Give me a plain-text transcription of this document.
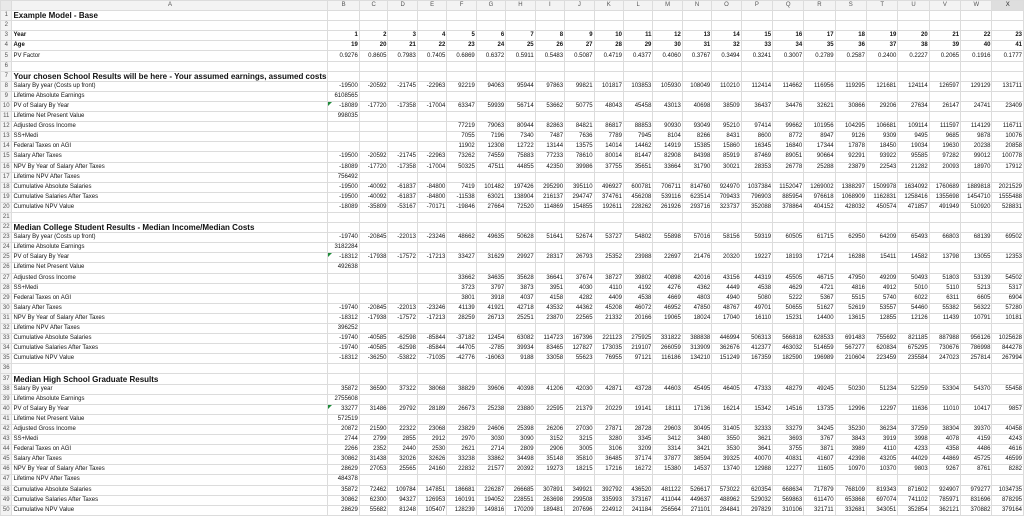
	A	B	C	D	E	F	G	H	I	J	K	L	M	N	O	P	Q	R	S	T	U	V	W	X
1	Example Model - Base																							
2																								
3	Year	1	2	3	4	5	6	7	8	9	10	11	12	13	14	15	16	17	18	19	20	21	22	23
4	Age	19	20	21	22	23	24	25	26	27	28	29	30	31	32	33	34	35	36	37	38	39	40	41
5	PV Factor	0.9276	0.8605	0.7983	0.7405	0.6869	0.6372	0.5911	0.5483	0.5087	0.4719	0.4377	0.4060	0.3767	0.3494	0.3241	0.3007	0.2789	0.2587	0.2400	0.2227	0.2065	0.1916	0.1777
6																								
7	Your chosen School Results will be here - Your assumed earnings, assumed costs																							
8	Salary By year (Costs up front)	-19500	-20592	-21745	-22963	92219	94063	95944	97863	99821	101817	103853	105930	108049	110210	112414	114662	116956	119295	121681	124114	126597	129129	131711
9	Lifetime Absolute Earnings	6108565																						
10	PV of Salary By Year	-18089	-17720	-17358	-17004	63347	59939	56714	53662	50775	48043	45458	43013	40698	38509	36437	34476	32621	30866	29206	27634	26147	24741	23409
11	Lifetime Net Present Value	998035																						
12	Adjusted Gross Income					77219	79063	80944	82863	84821	86817	88853	90930	93049	95210	97414	99662	101956	104295	106681	109114	111597	114129	116711
13	SS+Medi					7055	7196	7340	7487	7636	7789	7945	8104	8266	8431	8600	8772	8947	9126	9309	9495	9685	9878	10076
14	Federal Taxes on AGI					11902	12308	12722	13144	13575	14014	14462	14919	15385	15860	16345	16840	17344	17878	18450	19034	19630	20238	20858
15	Salary After Taxes	-19500	-20592	-21745	-22963	73262	74559	75883	77233	78610	80014	81447	82908	84398	85919	87469	89051	90664	92291	93922	95585	97282	99012	100778
16	NPV By Year of Salary After Taxes	-18089	-17720	-17358	-17004	50325	47511	44855	42350	39986	37755	35651	33664	31790	30021	28353	26778	25288	23879	22543	21282	20093	18970	17912
17	Lifetime NPV After Taxes	756492																						
18	Cumulative Absolute Salaries	-19500	-40092	-61837	-84800	7419	101482	197426	295290	395110	496927	600781	706711	814760	924970	1037384	1152047	1269002	1388297	1509978	1634092	1760689	1889818	2021529
19	Cumulative Salaries After Taxes	-19500	-40092	-61837	-84800	-11538	63021	138904	216137	294747	374761	456208	539116	623514	709433	796903	885954	976618	1068909	1162831	1258416	1355698	1454710	1555488
20	Cumulative NPV Value	-18089	-35809	-53167	-70171	-19846	27664	72520	114869	154855	192611	228262	261926	293716	323737	352088	378864	404152	428032	450574	471857	491949	510920	528831
21																								
22	Median College Student Results - Median Income/Median Costs																							
23	Salary By year (Costs up front)	-19740	-20845	-22013	-23246	48662	49635	50628	51641	52674	53727	54802	55898	57016	58156	59319	60505	61715	62950	64209	65493	66803	68139	69502
24	Lifetime Absolute Earnings	3182284																						
25	PV of Salary By Year	-18312	-17938	-17572	-17213	33427	31629	29927	28317	26793	25352	23988	22697	21476	20320	19227	18193	17214	16288	15411	14582	13798	13055	12353
26	Lifetime Net Present Value	492638																						
27	Adjusted Gross Income					33662	34635	35628	36641	37674	38727	39802	40898	42016	43156	44319	45505	46715	47950	49209	50493	51803	53139	54502
28	SS+Medi					3723	3797	3873	3951	4030	4110	4192	4276	4362	4449	4538	4629	4721	4816	4912	5010	5110	5213	5317
29	Federal Taxes on AGI					3801	3918	4037	4158	4282	4409	4538	4669	4803	4940	5080	5222	5367	5515	5740	6022	6311	6605	6904
30	Salary After Taxes	-19740	-20845	-22013	-23246	41139	41921	42718	43532	44362	45208	46072	46952	47850	48767	49701	50655	51627	52619	53557	54460	55382	56322	57280
31	NPV By Year of Salary After Taxes	-18312	-17938	-17572	-17213	28259	26713	25251	23870	22565	21332	20166	19065	18024	17040	16110	15231	14400	13615	12855	12126	11439	10791	10181
32	Lifetime NPV After Taxes	396252																						
33	Cumulative Absolute Salaries	-19740	-40585	-62598	-85844	-37182	12454	63082	114723	167396	221123	275925	331822	388838	446994	506313	566818	628533	691483	755692	821185	887988	956126	1025628
34	Cumulative Salaries After Taxes	-19740	-40585	-62598	-85844	-44705	-2785	39934	83465	127827	173035	219107	266059	313909	362676	412377	463032	514659	567277	620834	675295	730676	786998	844278
35	Cumulative NPV Value	-18312	-36250	-53822	-71035	-42776	-16063	9188	33058	55623	76955	97121	116186	134210	151249	167359	182590	196989	210604	223459	235584	247023	257814	267994
36																								
37	Median High School Graduate Results																							
38	Salary By year	35872	36590	37322	38068	38829	39606	40398	41206	42030	42871	43728	44603	45495	46405	47333	48279	49245	50230	51234	52259	53304	54370	55458
39	Lifetime Absolute Earnings	2755608																						
40	PV of Salary By Year	33277	31486	29792	28189	26673	25238	23880	22595	21379	20229	19141	18111	17136	16214	15342	14516	13735	12996	12297	11636	11010	10417	9857
41	Lifetime Net Present Value	572519																						
42	Adjusted Gross Income	20872	21590	22322	23068	23829	24606	25398	26206	27030	27871	28728	29603	30495	31405	32333	33279	34245	35230	36234	37259	38304	39370	40458
43	SS+Medi	2744	2799	2855	2912	2970	3030	3090	3152	3215	3280	3345	3412	3480	3550	3621	3693	3767	3843	3919	3998	4078	4159	4243
44	Federal Taxes on AGI	2266	2352	2440	2530	2621	2714	2809	2906	3005	3106	3209	3314	3421	3530	3641	3755	3871	3989	4110	4233	4358	4486	4616
45	Salary After Taxes	30862	31438	32026	32626	33238	33862	34498	35148	35810	36485	37174	37877	38594	39325	40070	40831	41607	42398	43205	44029	44869	45725	46599
46	NPV By Year of Salary After Taxes	28629	27053	25565	24160	22832	21577	20392	19273	18215	17216	16272	15380	14537	13740	12988	12277	11605	10970	10370	9803	9267	8761	8282
47	Lifetime NPV After Taxes	484378																						
48	Cumulative Absolute Salaries	35872	72462	109784	147851	186681	226287	266685	307891	349921	392792	436520	481122	526617	573022	620354	668634	717879	768109	819343	871602	924907	979277	1034735
49	Cumulative Salaries After Taxes	30862	62300	94327	126953	160191	194052	228551	263698	299508	335993	373167	411044	449637	488962	529032	569863	611470	653868	697074	741102	785971	831696	878295
50	Cumulative NPV Value	28629	55682	81248	105407	128239	149816	170209	189481	207696	224912	241184	256564	271101	284841	297829	310106	321711	332681	343051	352854	362121	370882	379164
